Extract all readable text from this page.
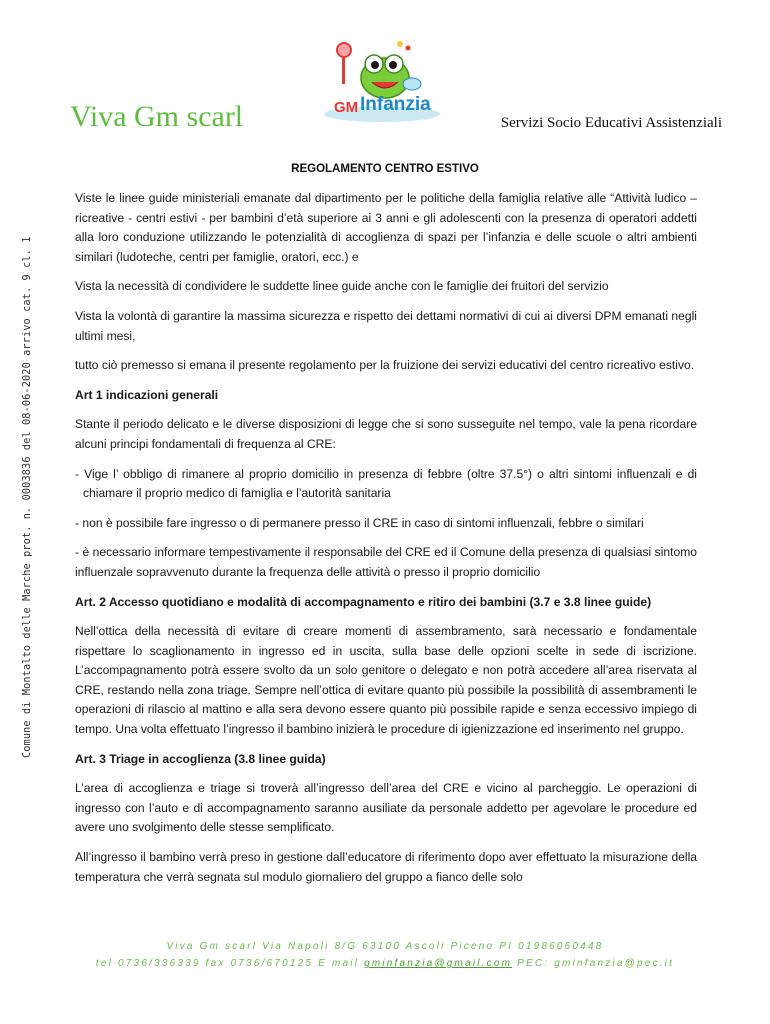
Comune di Montalto delle Marche prot. n. 0003836 del 08-06-2020 arrivo cat. 9 cl. 1
GM Infanzia
Viva Gm scarl	Servizi Socio Educativi Assistenziali
REGOLAMENTO CENTRO ESTIVO

Viste le linee guide ministeriali emanate dal dipartimento per le politiche della famiglia relative alle “Attività ludico – ricreative - centri estivi - per bambini d’età superiore ai 3 anni e gli adolescenti con la presenza di operatori addetti alla loro conduzione utilizzando le potenzialità di accoglienza di spazi per l’infanzia e delle scuole o altri ambienti similari (ludoteche, centri per famiglie, oratori, ecc.) e

Vista la necessità di condividere le suddette linee guide anche con le famiglie dei fruitori del servizio

Vista la volontà di garantire la massima sicurezza e rispetto dei dettami normativi di cui ai diversi DPM emanati negli ultimi mesi,

tutto ciò premesso si emana il presente regolamento per la fruizione dei servizi educativi del centro ricreativo estivo.

Art 1 indicazioni generali

Stante il periodo delicato e le diverse disposizioni di legge che si sono susseguite nel tempo, vale la pena ricordare alcuni principi fondamentali di frequenza al CRE:

- Vige l’ obbligo di rimanere al proprio domicilio in presenza di febbre (oltre 37.5°) o altri sintomi influenzali e di chiamare il proprio medico di famiglia e l’autorità sanitaria

- non è possibile fare ingresso o di permanere presso il CRE in caso di sintomi influenzali, febbre o similari

- è necessario informare tempestivamente il responsabile del CRE ed il Comune della presenza di qualsiasi sintomo influenzale sopravvenuto durante la frequenza delle attività o presso il proprio domicilio

Art. 2 Accesso quotidiano e modalità di accompagnamento e ritiro dei bambini (3.7 e 3.8 linee guide)

Nell’ottica della necessità di evitare di creare momenti di assembramento, sarà necessario e fondamentale rispettare lo scaglionamento in ingresso ed in uscita, sulla base delle opzioni scelte in sede di iscrizione. L’accompagnamento potrà essere svolto da un solo genitore o delegato e non potrà accedere all’area riservata al CRE, restando nella zona triage. Sempre nell’ottica di evitare quanto più possibile la possibilità di assembramenti le operazioni di rilascio al mattino e alla sera devono essere quanto più possibile rapide e senza eccessivo impiego di tempo. Una volta effettuato l’ingresso il bambino inizierà le procedure di igienizzazione ed inserimento nel gruppo.

Art. 3 Triage in accoglienza (3.8 linee guida)

L’area di accoglienza e triage si troverà all’ingresso dell’area del CRE e vicino al parcheggio. Le operazioni di ingresso con l’auto e di accompagnamento saranno ausiliate da personale addetto per agevolare le procedure ed avere uno svolgimento delle stesse semplificato.

All’ingresso il bambino verrà preso in gestione dall’educatore di riferimento dopo aver effettuato la misurazione della temperatura che verrà segnata sul modulo giornaliero del gruppo a fianco delle solo

Viva Gm scarl Via Napoli 8/G 63100 Ascoli Piceno PI 01986060448
tel 0736/336339 fax 0736/670125 E mail gminfanzia@gmail.com PEC: gminfanzia@pec.it
